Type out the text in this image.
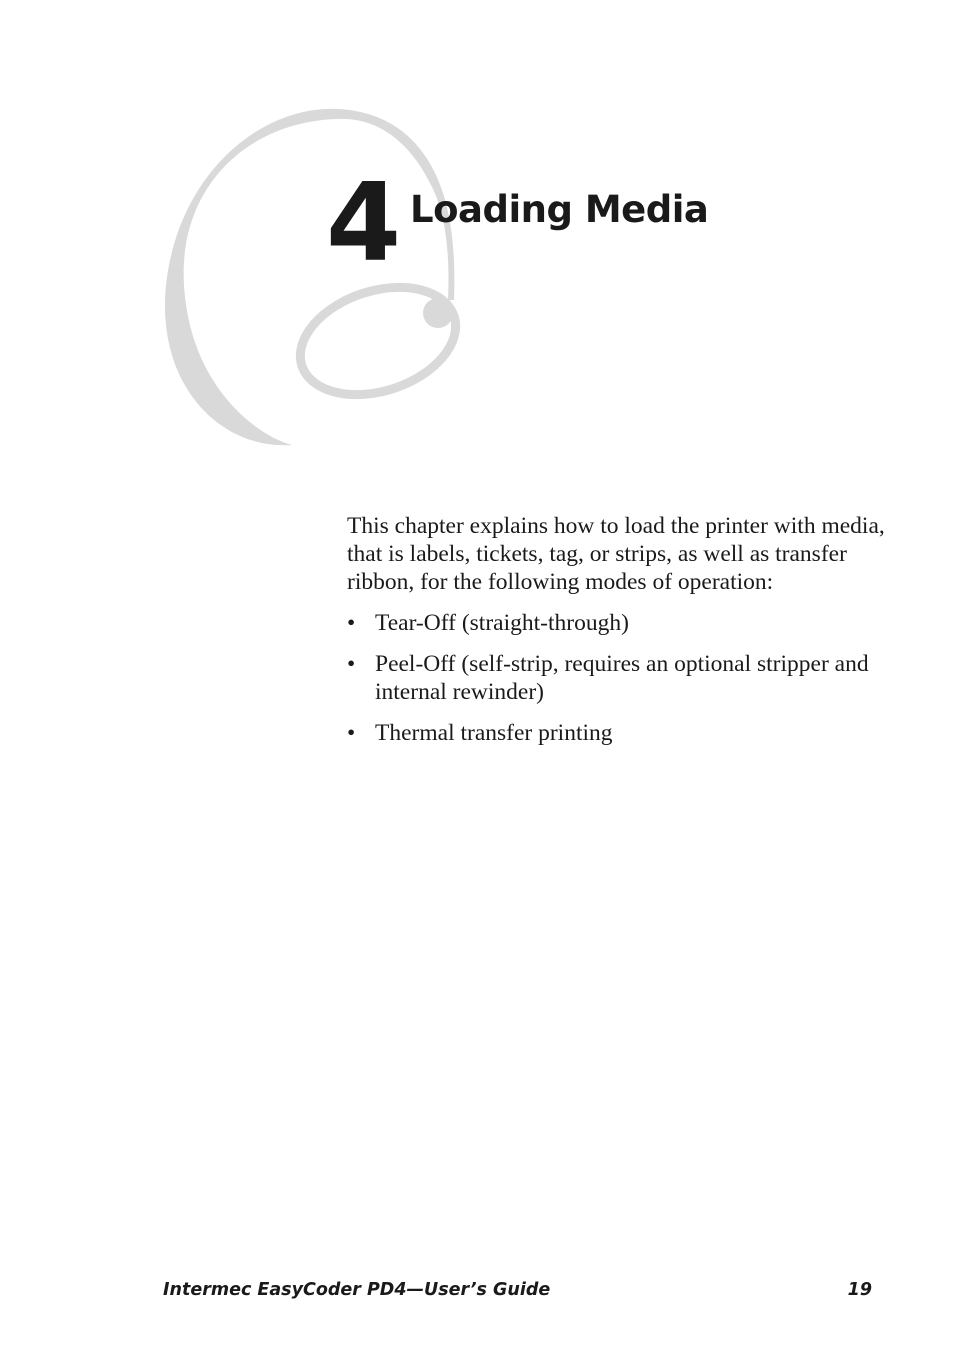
4 Loading Media

This chapter explains how to load the printer with media, that is labels, tickets, tag, or strips, as well as transfer ribbon, for the following modes of operation:

• Tear-Off (straight-through)
• Peel-Off (self-strip, requires an optional stripper and internal rewinder)
• Thermal transfer printing
Intermec EasyCoder PD4—User’s Guide	19
